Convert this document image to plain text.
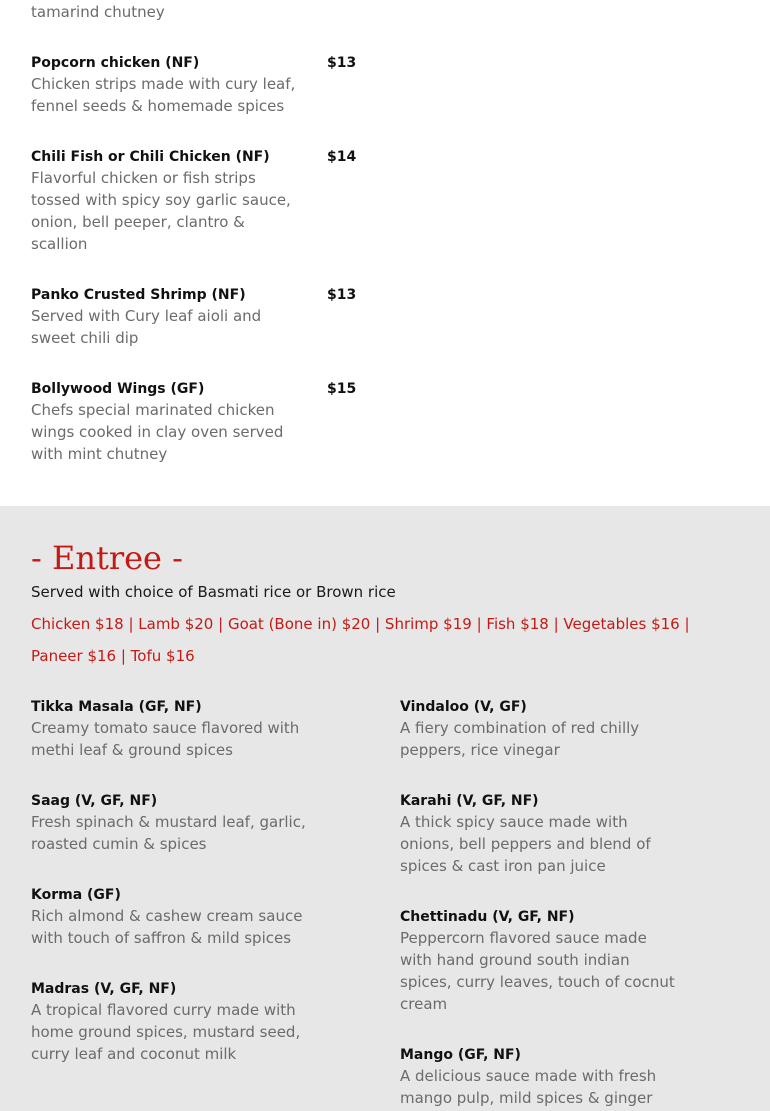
tamarind chutney

Popcorn chicken (NF)

Chicken strips made with cury leaf,
fennel seeds & homemade spices

$13
Chili Fish or Chili Chicken (NF)

Flavorful chicken or fish strips
tossed with spicy soy garlic sauce,
onion, bell peeper, clantro &
scallion

$14
Panko Crusted Shrimp (NF)

Served with Cury leaf aioli and
sweet chili dip

$13
Bollywood Wings (GF)

Chefs special marinated chicken
wings cooked in clay oven served
with mint chutney

$15
- Entree -
Served with choice of Basmati rice or Brown rice
Chicken $18 | Lamb $20 | Goat (Bone in) $20 | Shrimp $19 | Fish $18 | Vegetables $16 | Paneer $16 | Tofu $16
Tikka Masala (GF, NF)

Creamy tomato sauce flavored with
methi leaf & ground spices

Saag (V, GF, NF)

Fresh spinach & mustard leaf, garlic,
roasted cumin & spices

Korma (GF)

Rich almond & cashew cream sauce
with touch of saffron & mild spices

Madras (V, GF, NF)

A tropical flavored curry made with
home ground spices, mustard seed,
curry leaf and coconut milk

Vindaloo (V, GF)

A fiery combination of red chilly
peppers, rice vinegar

Karahi (V, GF, NF)

A thick spicy sauce made with
onions, bell peppers and blend of
spices & cast iron pan juice

Chettinadu (V, GF, NF)

Peppercorn flavored sauce made
with hand ground south indian
spices, curry leaves, touch of cocnut
cream

Mango (GF, NF)

A delicious sauce made with fresh
mango pulp, mild spices & ginger
